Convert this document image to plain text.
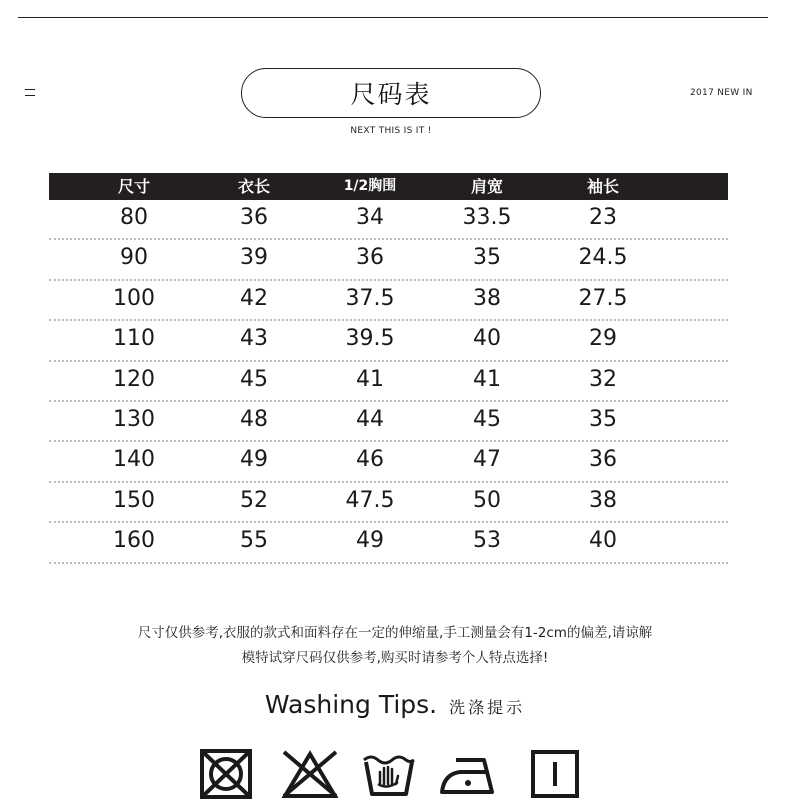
尺码表
NEXT THIS IS IT !
2017 NEW IN
尺寸	衣长	1/2胸围	肩宽	袖长
80	36	34	33.5	23
90	39	36	35	24.5
100	42	37.5	38	27.5
110	43	39.5	40	29
120	45	41	41	32
130	48	44	45	35
140	49	46	47	36
150	52	47.5	50	38
160	55	49	53	40
尺寸仅供参考,衣服的款式和面料存在一定的伸缩量,手工测量会有1-2cm的偏差,请谅解
模特试穿尺码仅供参考,购买时请参考个人特点选择!
Washing Tips. 洗涤提示
